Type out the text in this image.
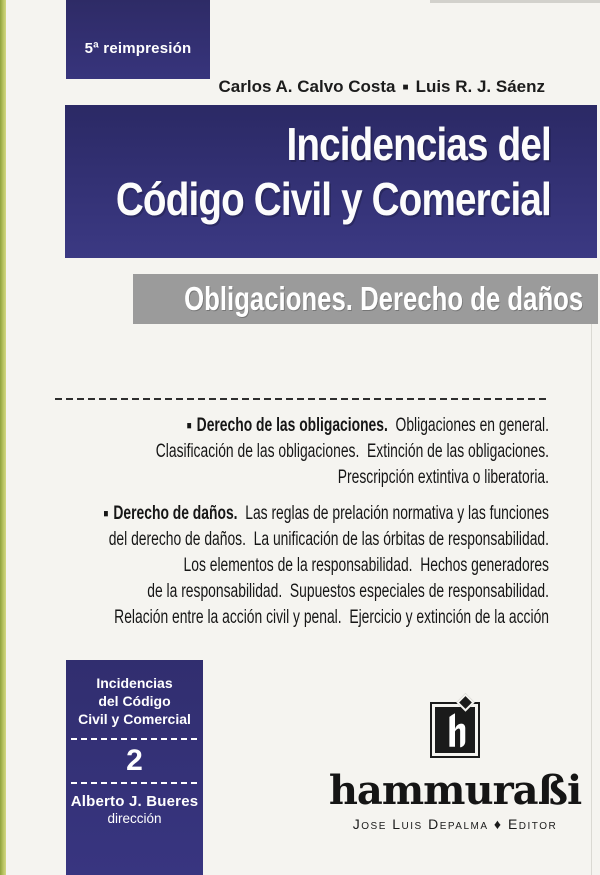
5ª reimpresión

Carlos A. Calvo Costa ■ Luis R. J. Sáenz

Incidencias del
Código Civil y Comercial
Obligaciones. Derecho de daños
■ Derecho de las obligaciones.  Obligaciones en general.
Clasificación de las obligaciones.  Extinción de las obligaciones.
Prescripción extintiva o liberatoria.
■ Derecho de daños.  Las reglas de prelación normativa y las funciones
del derecho de daños.  La unificación de las órbitas de responsabilidad.
Los elementos de la responsabilidad.  Hechos generadores
de la responsabilidad.  Supuestos especiales de responsabilidad.
Relación entre la acción civil y penal.  Ejercicio y extinción de la acción
Incidencias
del Código
Civil y Comercial
2
Alberto J. Bueres
dirección
hammuraßi
Jose Luis Depalma ♦ Editor
